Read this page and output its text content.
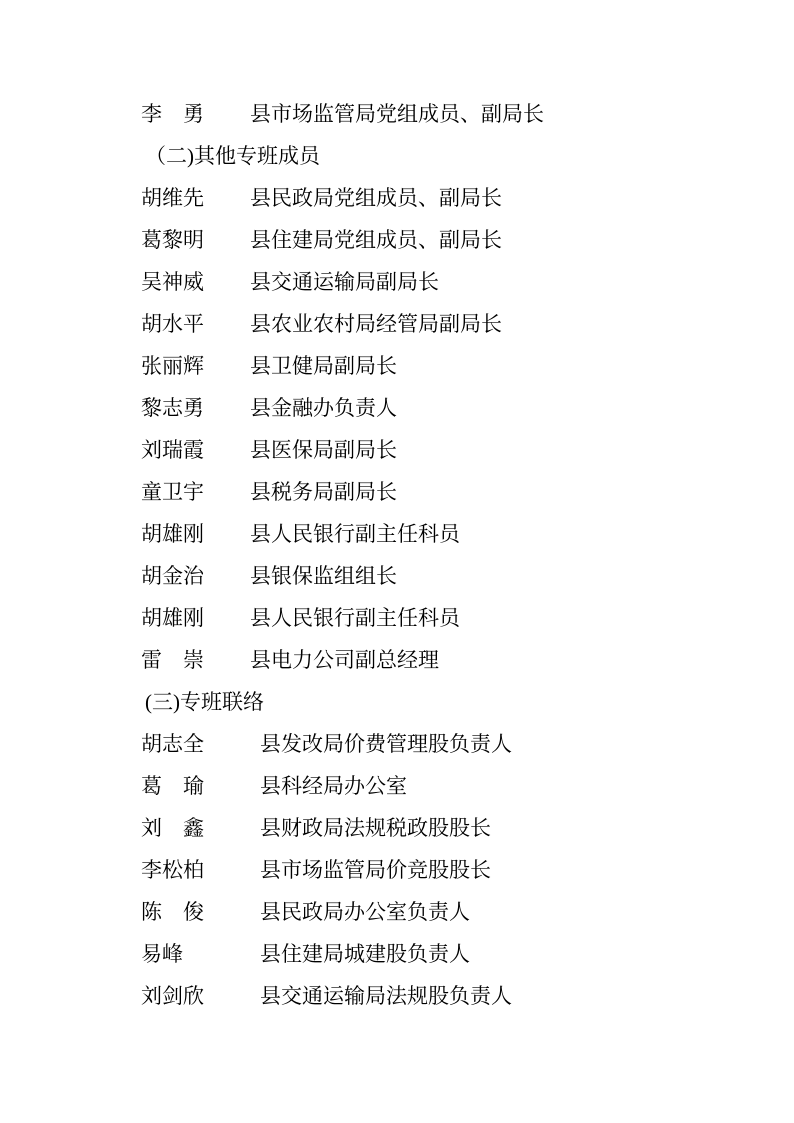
李　勇	县市场监管局党组成员、副局长
（二)其他专班成员
胡维先	县民政局党组成员、副局长
葛黎明	县住建局党组成员、副局长
吴神威	县交通运输局副局长
胡水平	县农业农村局经管局副局长
张丽辉	县卫健局副局长
黎志勇	县金融办负责人
刘瑞霞	县医保局副局长
童卫宇	县税务局副局长
胡雄刚	县人民银行副主任科员
胡金治	县银保监组组长
胡雄刚	县人民银行副主任科员
雷　崇	县电力公司副总经理
(三)专班联络
胡志全	县发改局价费管理股负责人
葛　瑜	县科经局办公室
刘　鑫	县财政局法规税政股股长
李松柏	县市场监管局价竞股股长
陈　俊	县民政局办公室负责人
易峰	县住建局城建股负责人
刘剑欣	县交通运输局法规股负责人
